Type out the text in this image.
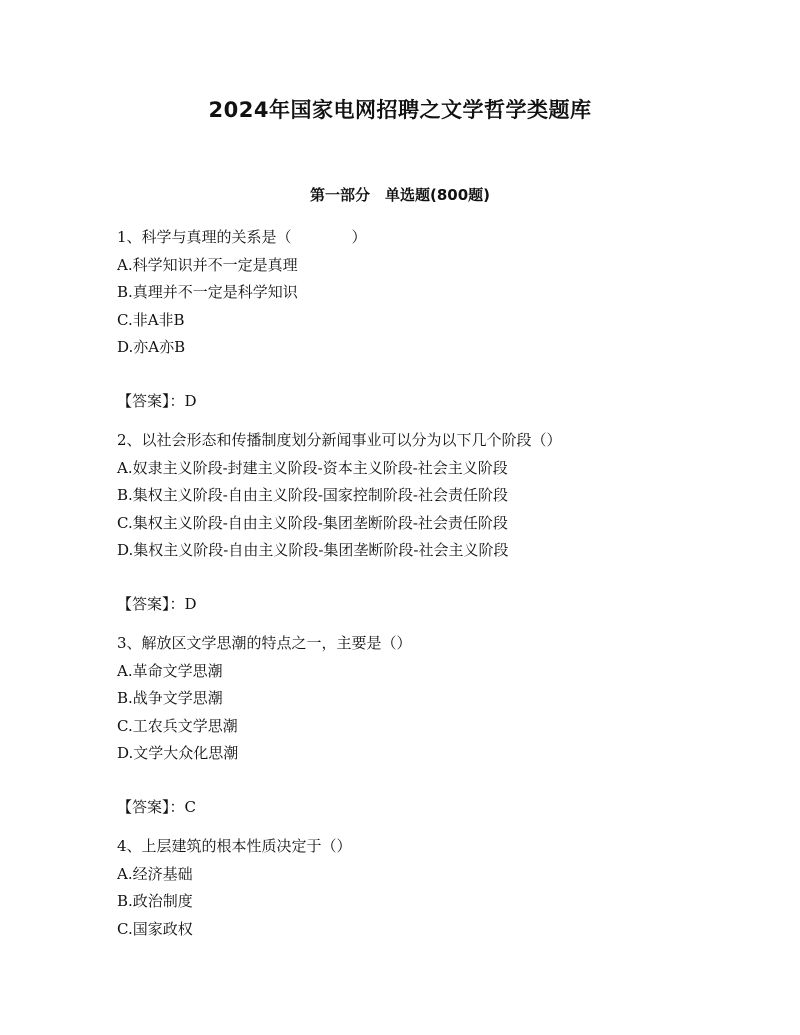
2024年国家电网招聘之文学哲学类题库
第一部分　单选题(800题)
1、科学与真理的关系是（　　　　）
A.科学知识并不一定是真理
B.真理并不一定是科学知识
C.非A非B
D.亦A亦B
【答案】：D
2、以社会形态和传播制度划分新闻事业可以分为以下几个阶段（）
A.奴隶主义阶段-封建主义阶段-资本主义阶段-社会主义阶段
B.集权主义阶段-自由主义阶段-国家控制阶段-社会责任阶段
C.集权主义阶段-自由主义阶段-集团垄断阶段-社会责任阶段
D.集权主义阶段-自由主义阶段-集团垄断阶段-社会主义阶段
【答案】：D
3、解放区文学思潮的特点之一，主要是（）
A.革命文学思潮
B.战争文学思潮
C.工农兵文学思潮
D.文学大众化思潮
【答案】：C
4、上层建筑的根本性质决定于（）
A.经济基础
B.政治制度
C.国家政权
